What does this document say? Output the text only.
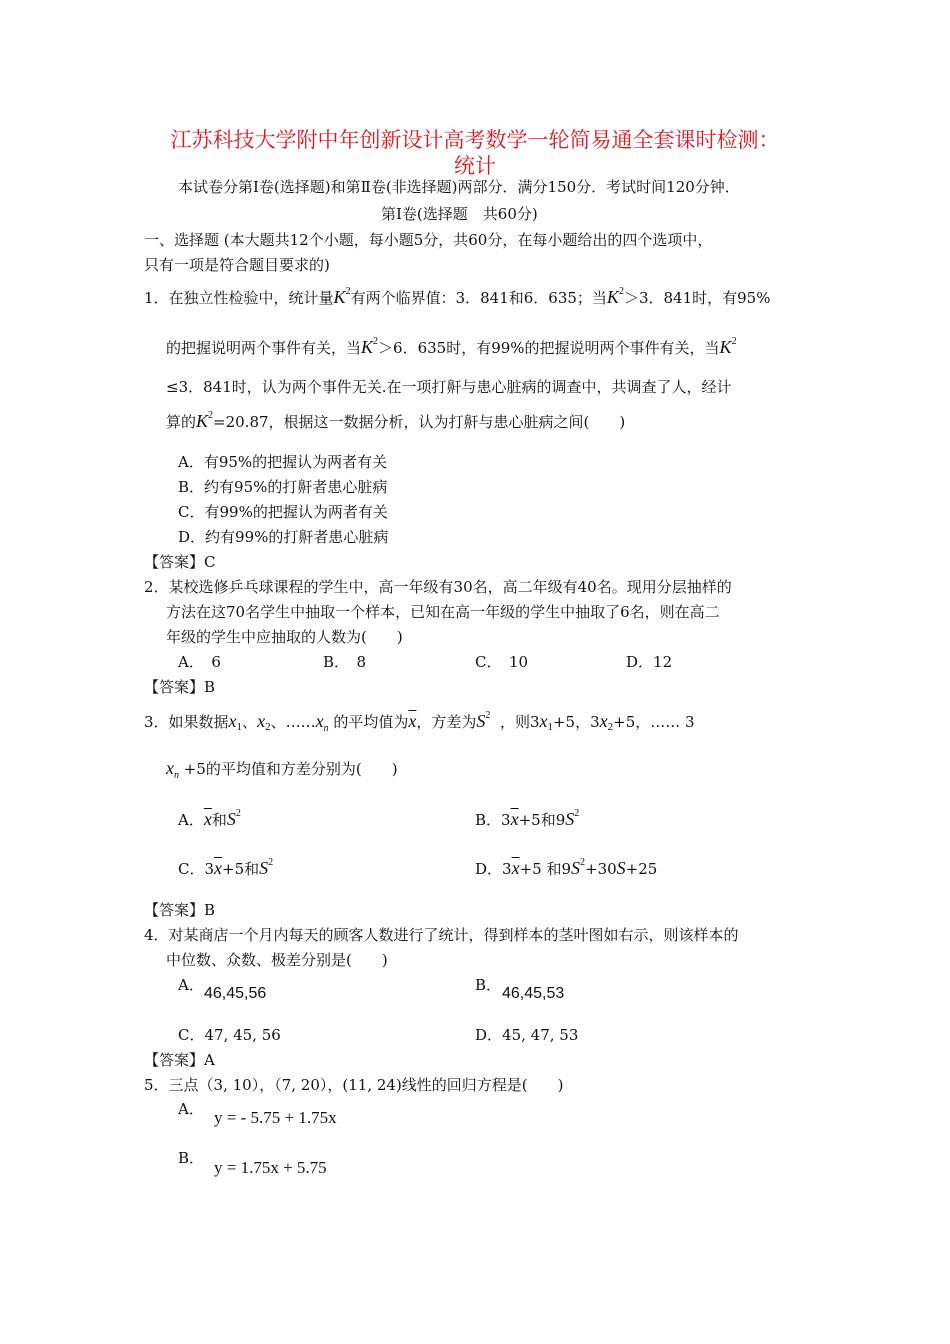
江苏科技大学附中年创新设计高考数学一轮简易通全套课时检测：
统计
本试卷分第Ⅰ卷(选择题)和第Ⅱ卷(非选择题)两部分．满分150分．考试时间120分钟．
第Ⅰ卷(选择题　共60分)
一、选择题 (本大题共12个小题，每小题5分，共60分，在每小题给出的四个选项中，
只有一项是符合题目要求的)
1．在独立性检验中，统计量$K^2$有两个临界值：3．841和6．635；当$K^2>3$．841时，有95%
的把握说明两个事件有关，当$K^2>6$．635时，有99%的把握说明两个事件有关，当$K^2$
≤3．841时，认为两个事件无关.在一项打鼾与患心脏病的调查中，共调查了人，经计
算的$K^2=20.87$，根据这一数据分析，认为打鼾与患心脏病之间(　　)
A．有95%的把握认为两者有关
B．约有95%的打鼾者患心脏病
C．有99%的把握认为两者有关
D．约有99%的打鼾者患心脏病
【答案】C
2．某校选修乒乓球课程的学生中，高一年级有30名，高二年级有40名。现用分层抽样的
方法在这70名学生中抽取一个样本，已知在高一年级的学生中抽取了6名，则在高二
年级的学生中应抽取的人数为(　　)
A．　6	B．　8	C．　10	D．12
【答案】B
3．如果数据$x_1$、$x_2$、$\dots\dots x_n$ 的平均值为$\overline{x}$，方差为$S^2$ ，则$3x_1+5$，$3x_2+5$，…… 3
$x_n +5$的平均值和方差分别为(　　)
A．$\overline{x}$和$S^2$	B．$3\overline{x}+5$和$9S^2$
C．$3\overline{x}+5$和$S^2$	D．$3\overline{x}+5$ 和$9S^2+30S+25$
【答案】B
4．对某商店一个月内每天的顾客人数进行了统计，得到样本的茎叶图如右示，则该样本的
中位数、众数、极差分别是(　　)
A． 46,45,56	B． 46,45,53
C．47, 45, 56	D．45, 47, 53
【答案】A
5．三点（3, 10），（7, 20），(11, 24)线性的回归方程是(　　)
A． y = - 5.75 + 1.75x
B． y = 1.75x + 5.75
